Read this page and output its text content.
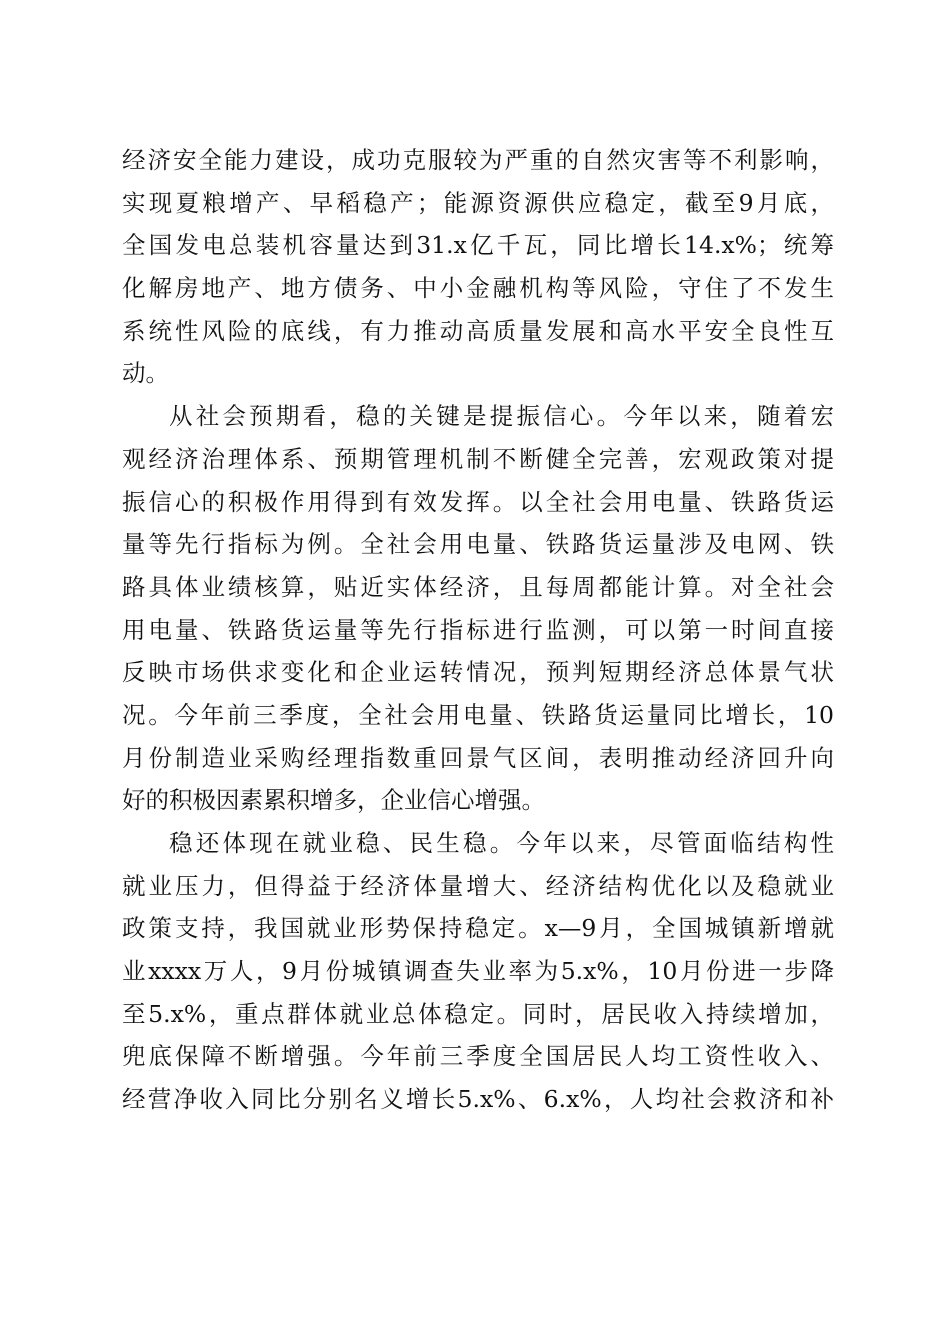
经济安全能力建设，成功克服较为严重的自然灾害等不利影响，
实现夏粮增产、早稻稳产；能源资源供应稳定，截至9月底，
全国发电总装机容量达到31.x亿千瓦，同比增长14.x%；统筹
化解房地产、地方债务、中小金融机构等风险，守住了不发生
系统性风险的底线，有力推动高质量发展和高水平安全良性互
动。
从社会预期看，稳的关键是提振信心。今年以来，随着宏
观经济治理体系、预期管理机制不断健全完善，宏观政策对提
振信心的积极作用得到有效发挥。以全社会用电量、铁路货运
量等先行指标为例。全社会用电量、铁路货运量涉及电网、铁
路具体业绩核算，贴近实体经济，且每周都能计算。对全社会
用电量、铁路货运量等先行指标进行监测，可以第一时间直接
反映市场供求变化和企业运转情况，预判短期经济总体景气状
况。今年前三季度，全社会用电量、铁路货运量同比增长，10
月份制造业采购经理指数重回景气区间，表明推动经济回升向
好的积极因素累积增多，企业信心增强。
稳还体现在就业稳、民生稳。今年以来，尽管面临结构性
就业压力，但得益于经济体量增大、经济结构优化以及稳就业
政策支持，我国就业形势保持稳定。x—9月，全国城镇新增就
业xxxx万人，9月份城镇调查失业率为5.x%，10月份进一步降
至5.x%，重点群体就业总体稳定。同时，居民收入持续增加，
兜底保障不断增强。今年前三季度全国居民人均工资性收入、
经营净收入同比分别名义增长5.x%、6.x%，人均社会救济和补
